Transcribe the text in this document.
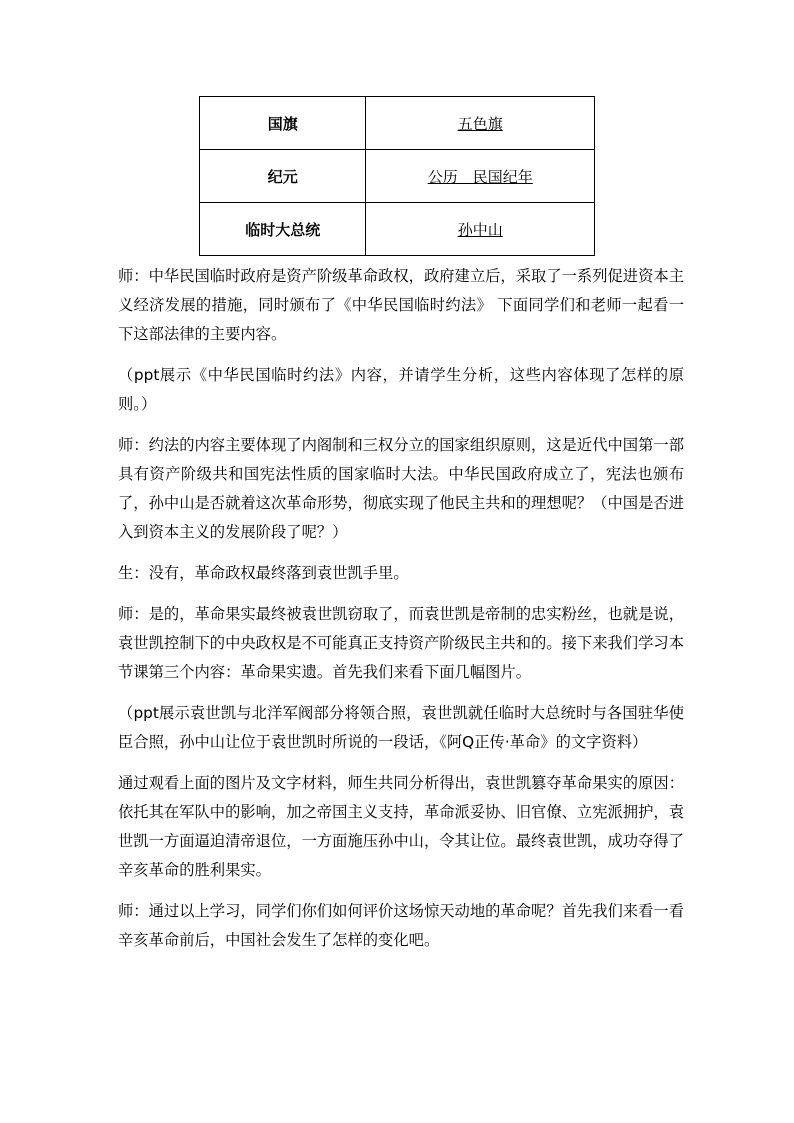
国旗	五色旗
纪元	公历　民国纪年
临时大总统	孙中山

师：中华民国临时政府是资产阶级革命政权，政府建立后，采取了一系列促进资本主义经济发展的措施，同时颁布了《中华民国临时约法》 下面同学们和老师一起看一下这部法律的主要内容。

（ppt展示《中华民国临时约法》内容，并请学生分析，这些内容体现了怎样的原则。）

师：约法的内容主要体现了内阁制和三权分立的国家组织原则，这是近代中国第一部具有资产阶级共和国宪法性质的国家临时大法。中华民国政府成立了，宪法也颁布了，孙中山是否就着这次革命形势，彻底实现了他民主共和的理想呢？（中国是否进入到资本主义的发展阶段了呢？）

生：没有，革命政权最终落到袁世凯手里。

师：是的，革命果实最终被袁世凯窃取了，而袁世凯是帝制的忠实粉丝，也就是说，袁世凯控制下的中央政权是不可能真正支持资产阶级民主共和的。接下来我们学习本节课第三个内容：革命果实遗。首先我们来看下面几幅图片。

（ppt展示袁世凯与北洋军阀部分将领合照，袁世凯就任临时大总统时与各国驻华使臣合照，孙中山让位于袁世凯时所说的一段话，《阿Q正传·革命》的文字资料）

通过观看上面的图片及文字材料，师生共同分析得出，袁世凯篡夺革命果实的原因：依托其在军队中的影响，加之帝国主义支持，革命派妥协、旧官僚、立宪派拥护，袁世凯一方面逼迫清帝退位，一方面施压孙中山，令其让位。最终袁世凯，成功夺得了辛亥革命的胜利果实。

师：通过以上学习，同学们你们如何评价这场惊天动地的革命呢？首先我们来看一看辛亥革命前后，中国社会发生了怎样的变化吧。
